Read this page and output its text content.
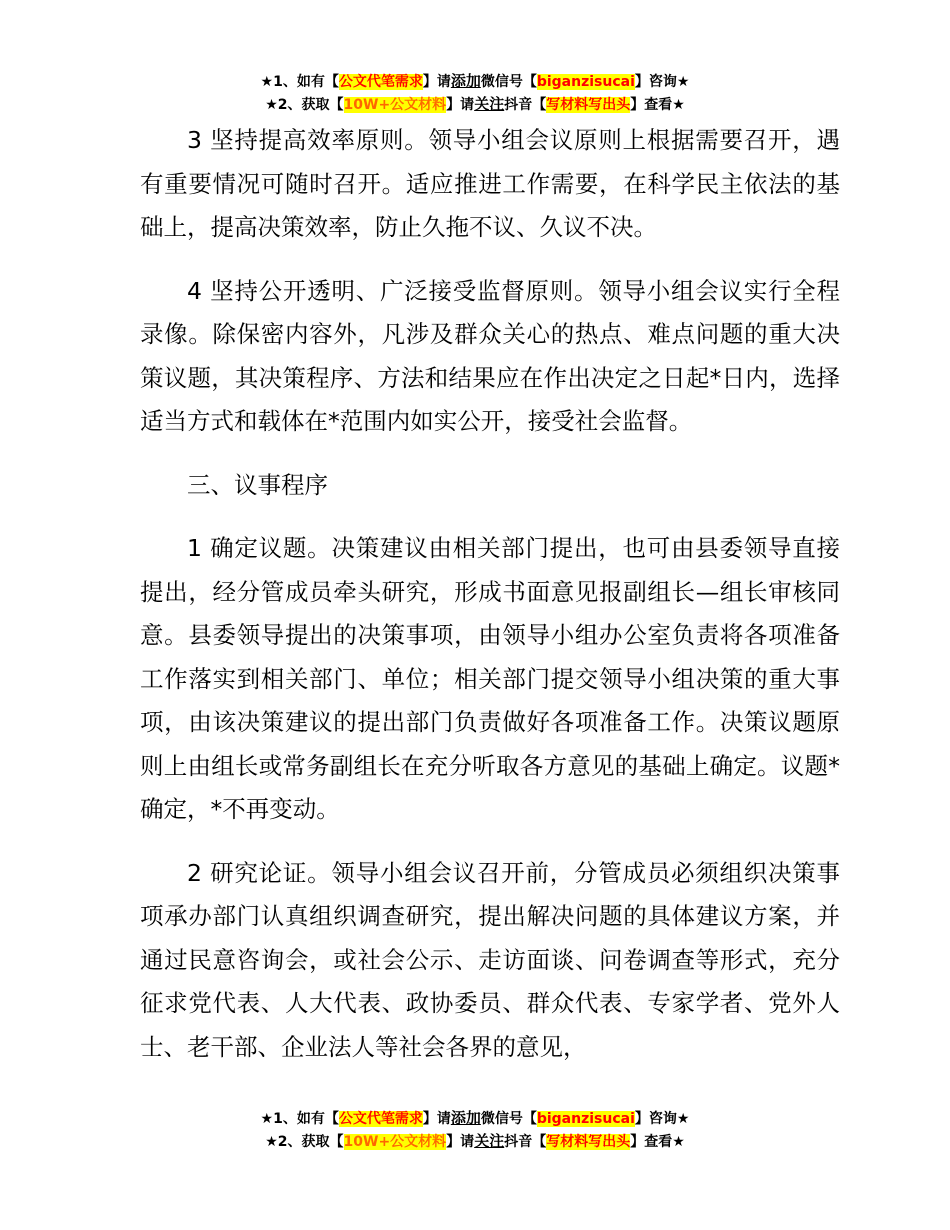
★1、如有【公文代笔需求】请添加微信号【biganzisucai】咨询★
★2、获取【10W+公文材料】请关注抖音【写材料写出头】查看★

3 坚持提高效率原则。领导小组会议原则上根据需要召开，遇有重要情况可随时召开。适应推进工作需要，在科学民主依法的基础上，提高决策效率，防止久拖不议、久议不决。

4 坚持公开透明、广泛接受监督原则。领导小组会议实行全程录像。除保密内容外，凡涉及群众关心的热点、难点问题的重大决策议题，其决策程序、方法和结果应在作出决定之日起*日内，选择适当方式和载体在*范围内如实公开，接受社会监督。

三、议事程序

1 确定议题。决策建议由相关部门提出，也可由县委领导直接提出，经分管成员牵头研究，形成书面意见报副组长—组长审核同意。县委领导提出的决策事项，由领导小组办公室负责将各项准备工作落实到相关部门、单位；相关部门提交领导小组决策的重大事项，由该决策建议的提出部门负责做好各项准备工作。决策议题原则上由组长或常务副组长在充分听取各方意见的基础上确定。议题*确定，*不再变动。

2 研究论证。领导小组会议召开前，分管成员必须组织决策事项承办部门认真组织调查研究，提出解决问题的具体建议方案，并通过民意咨询会，或社会公示、走访面谈、问卷调查等形式，充分征求党代表、人大代表、政协委员、群众代表、专家学者、党外人士、老干部、企业法人等社会各界的意见，

★1、如有【公文代笔需求】请添加微信号【biganzisucai】咨询★
★2、获取【10W+公文材料】请关注抖音【写材料写出头】查看★
